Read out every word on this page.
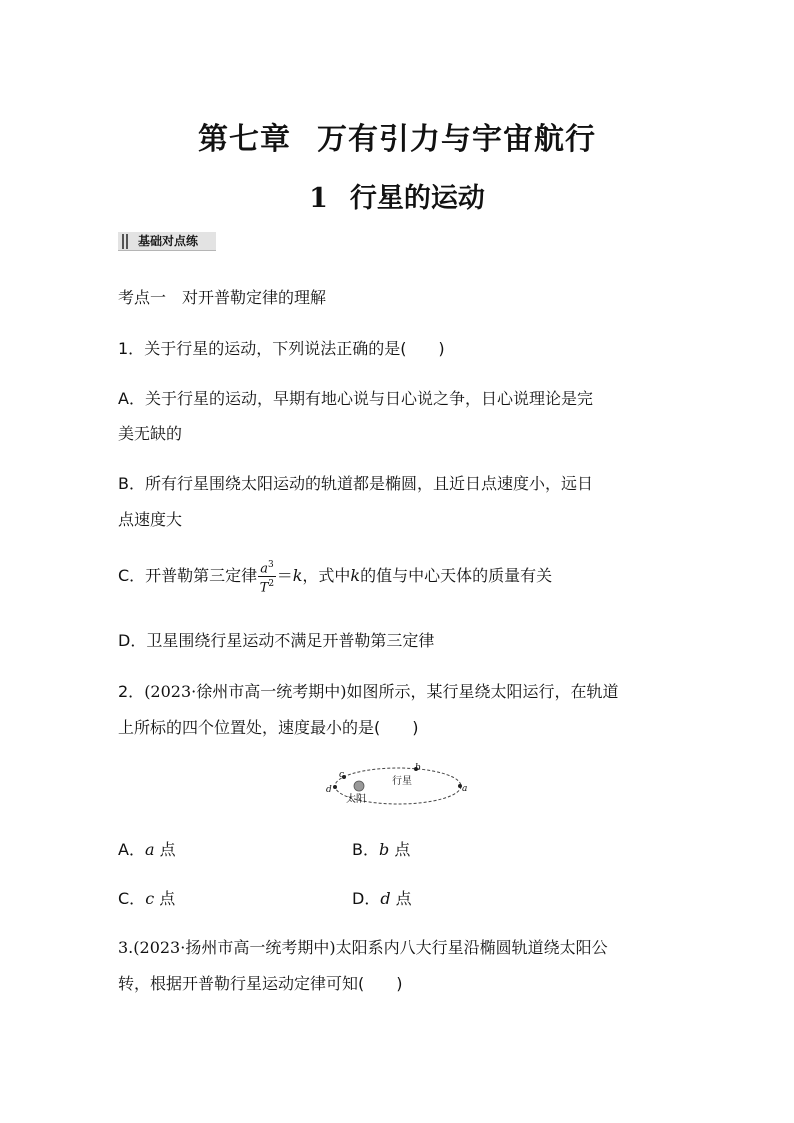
第七章 万有引力与宇宙航行
1 行星的运动
基础对点练
考点一　 对开普勒定律的理解
1．关于行星的运动，下列说法正确的是(　　)
A．关于行星的运动，早期有地心说与日心说之争，日心说理论是完
美无缺的
B．所有行星围绕太阳运动的轨道都是椭圆，且近日点速度小，远日
点速度大
C．开普勒第三定律 $\frac{a^3}{T^2} =k$，式中k的值与中心天体的质量有关
D．卫星围绕行星运动不满足开普勒第三定律
2．(2023·徐州市高一统考期中)如图所示，某行星绕太阳运行，在轨道
上所标的四个位置处，速度最小的是(　　)
行星
太阳
a
b
c
d
A．a 点	B．b 点
C．c 点	D．d 点
3.(2023·扬州市高一统考期中)太阳系内八大行星沿椭圆轨道绕太阳公
转，根据开普勒行星运动定律可知(　　)
